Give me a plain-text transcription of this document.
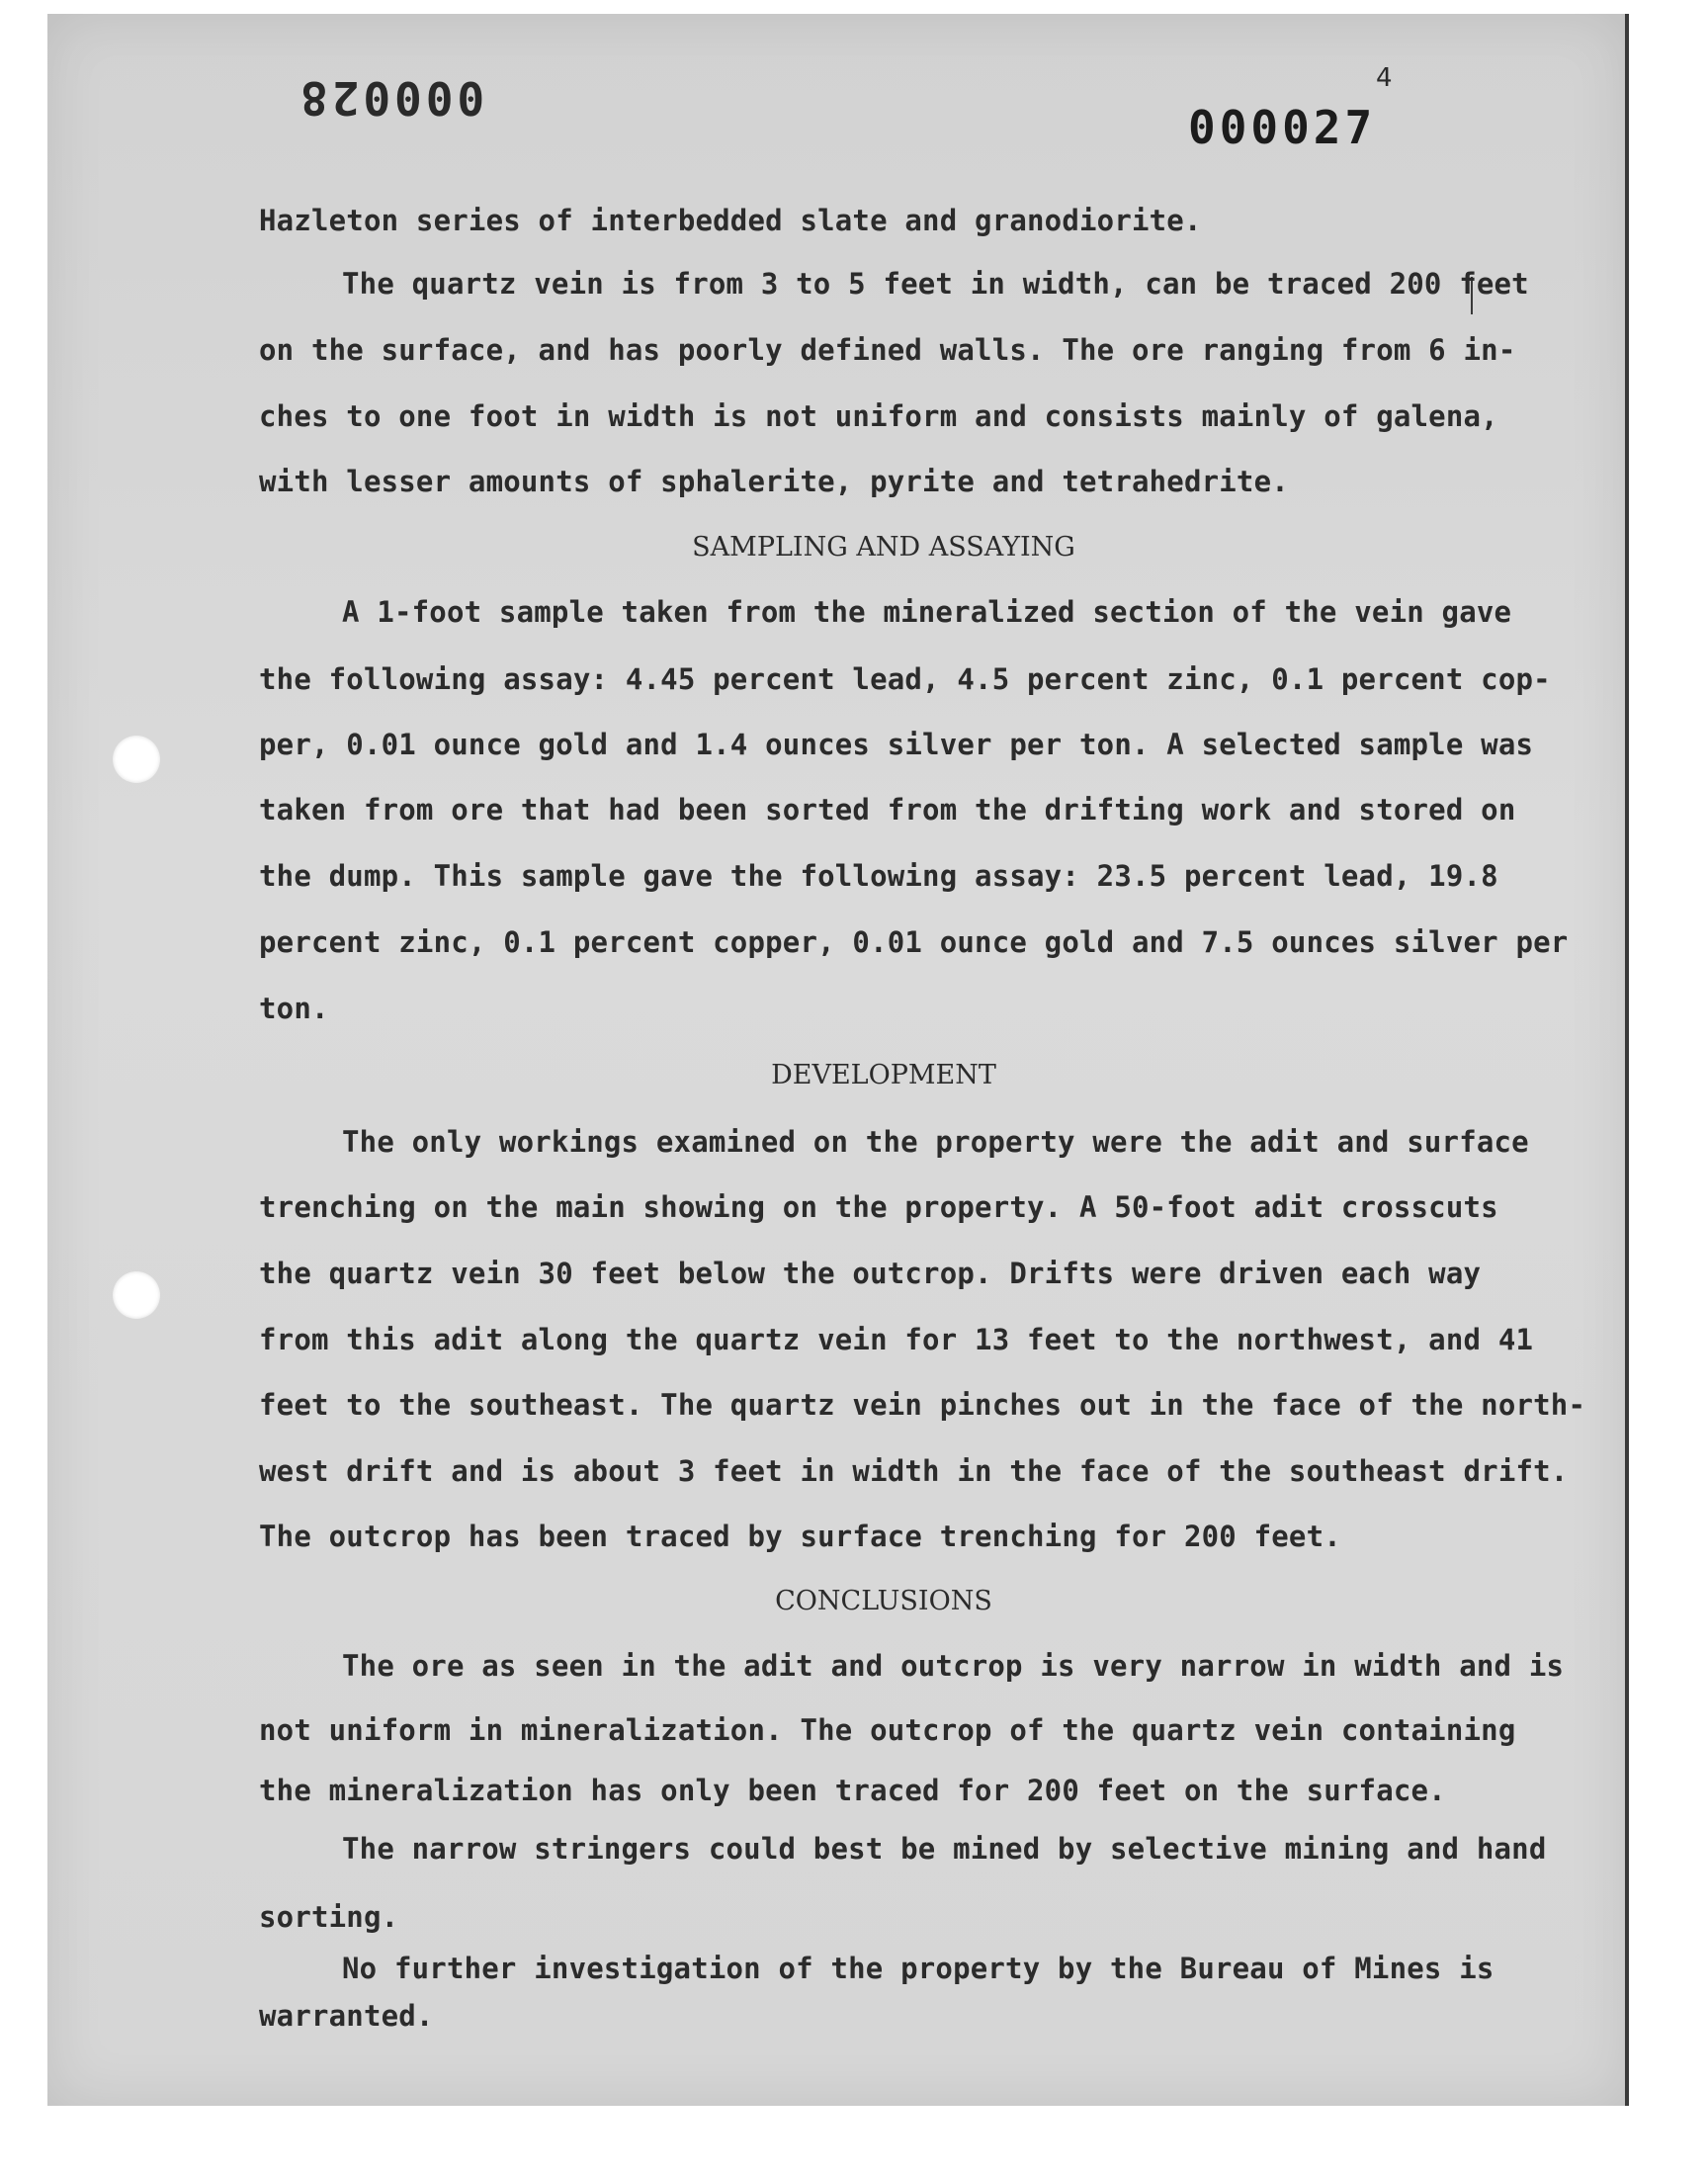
000028
000027
4
Hazleton series of interbedded slate and granodiorite.
The quartz vein is from 3 to 5 feet in width, can be traced 200 feet
on the surface, and has poorly defined walls. The ore ranging from 6 in-
ches to one foot in width is not uniform and consists mainly of galena,
with lesser amounts of sphalerite, pyrite and tetrahedrite.
A 1-foot sample taken from the mineralized section of the vein gave
the following assay: 4.45 percent lead, 4.5 percent zinc, 0.1 percent cop-
per, 0.01 ounce gold and 1.4 ounces silver per ton. A selected sample was
taken from ore that had been sorted from the drifting work and stored on
the dump. This sample gave the following assay: 23.5 percent lead, 19.8
percent zinc, 0.1 percent copper, 0.01 ounce gold and 7.5 ounces silver per
ton.
The only workings examined on the property were the adit and surface
trenching on the main showing on the property. A 50-foot adit crosscuts
the quartz vein 30 feet below the outcrop. Drifts were driven each way
from this adit along the quartz vein for 13 feet to the northwest, and 41
feet to the southeast. The quartz vein pinches out in the face of the north-
west drift and is about 3 feet in width in the face of the southeast drift.
The outcrop has been traced by surface trenching for 200 feet.
The ore as seen in the adit and outcrop is very narrow in width and is
not uniform in mineralization. The outcrop of the quartz vein containing
the mineralization has only been traced for 200 feet on the surface.
The narrow stringers could best be mined by selective mining and hand
sorting.
No further investigation of the property by the Bureau of Mines is
warranted.
SAMPLING AND ASSAYING
DEVELOPMENT
CONCLUSIONS
